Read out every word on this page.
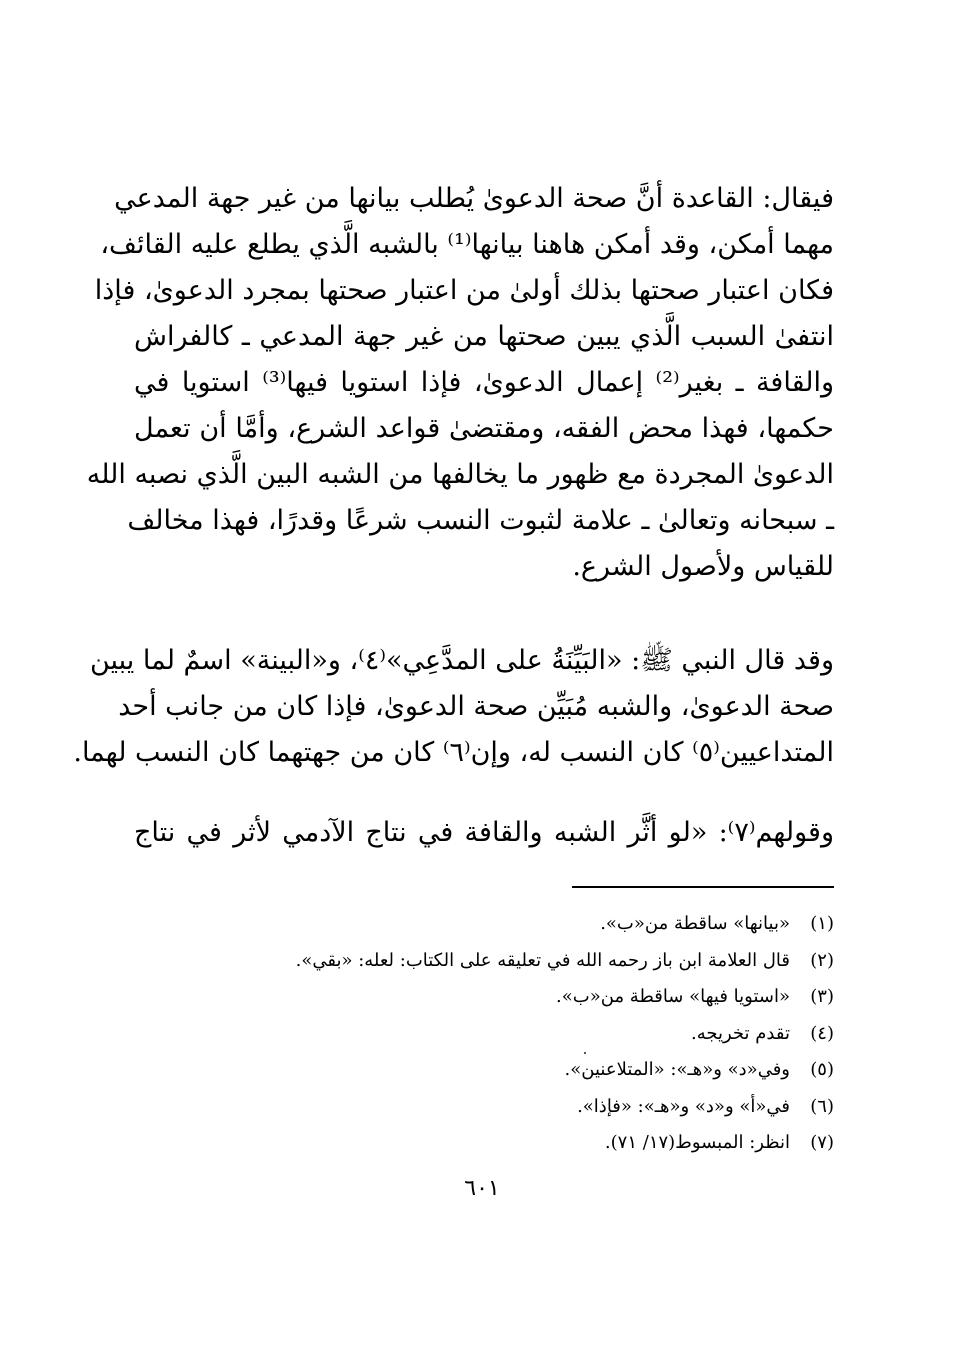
فيقال: القاعدة أنَّ صحة الدعوىٰ يُطلب بيانها من غير جهة المدعي
مهما أمكن، وقد أمكن هاهنا بيانها⁽¹⁾ بالشبه الَّذي يطلع عليه القائف،
فكان اعتبار صحتها بذلك أولىٰ من اعتبار صحتها بمجرد الدعوىٰ، فإذا
انتفىٰ السبب الَّذي يبين صحتها من غير جهة المدعي ـ كالفراش
والقافة ـ بغير⁽²⁾ إعمال الدعوىٰ، فإذا استويا فيها⁽³⁾ استويا في
حكمها، فهذا محض الفقه، ومقتضىٰ قواعد الشرع، وأمَّا أن تعمل
الدعوىٰ المجردة مع ظهور ما يخالفها من الشبه البين الَّذي نصبه الله
ـ سبحانه وتعالىٰ ـ علامة لثبوت النسب شرعًا وقدرًا، فهذا مخالف
للقياس ولأصول الشرع.
وقد قال النبي ﷺ: «البَيِّنَةُ على المدَّعِي»⁽٤⁾، و«البينة» اسمٌ لما يبين
صحة الدعوىٰ، والشبه مُبَيِّن صحة الدعوىٰ، فإذا كان من جانب أحد
المتداعيين⁽٥⁾ كان النسب له، وإن⁽٦⁾ كان من جهتهما كان النسب لهما.
وقولهم⁽٧⁾: «لو أثَّر الشبه والقافة في نتاج الآدمي لأثر في نتاج
(١)
«بيانها» ساقطة من«ب».
(٢)
قال العلامة ابن باز رحمه الله في تعليقه على الكتاب: لعله: «بقي».
(٣)
«استويا فيها» ساقطة من«ب».
(٤)
تقدم تخريجه.
(٥)
وفي«د» و«هـ»: «المتلاعنين».
(٦)
في«أ» و«د» و«هـ»: «فإذا».
(٧)
انظر: المبسوط(١٧/ ٧١).
٦٠١
